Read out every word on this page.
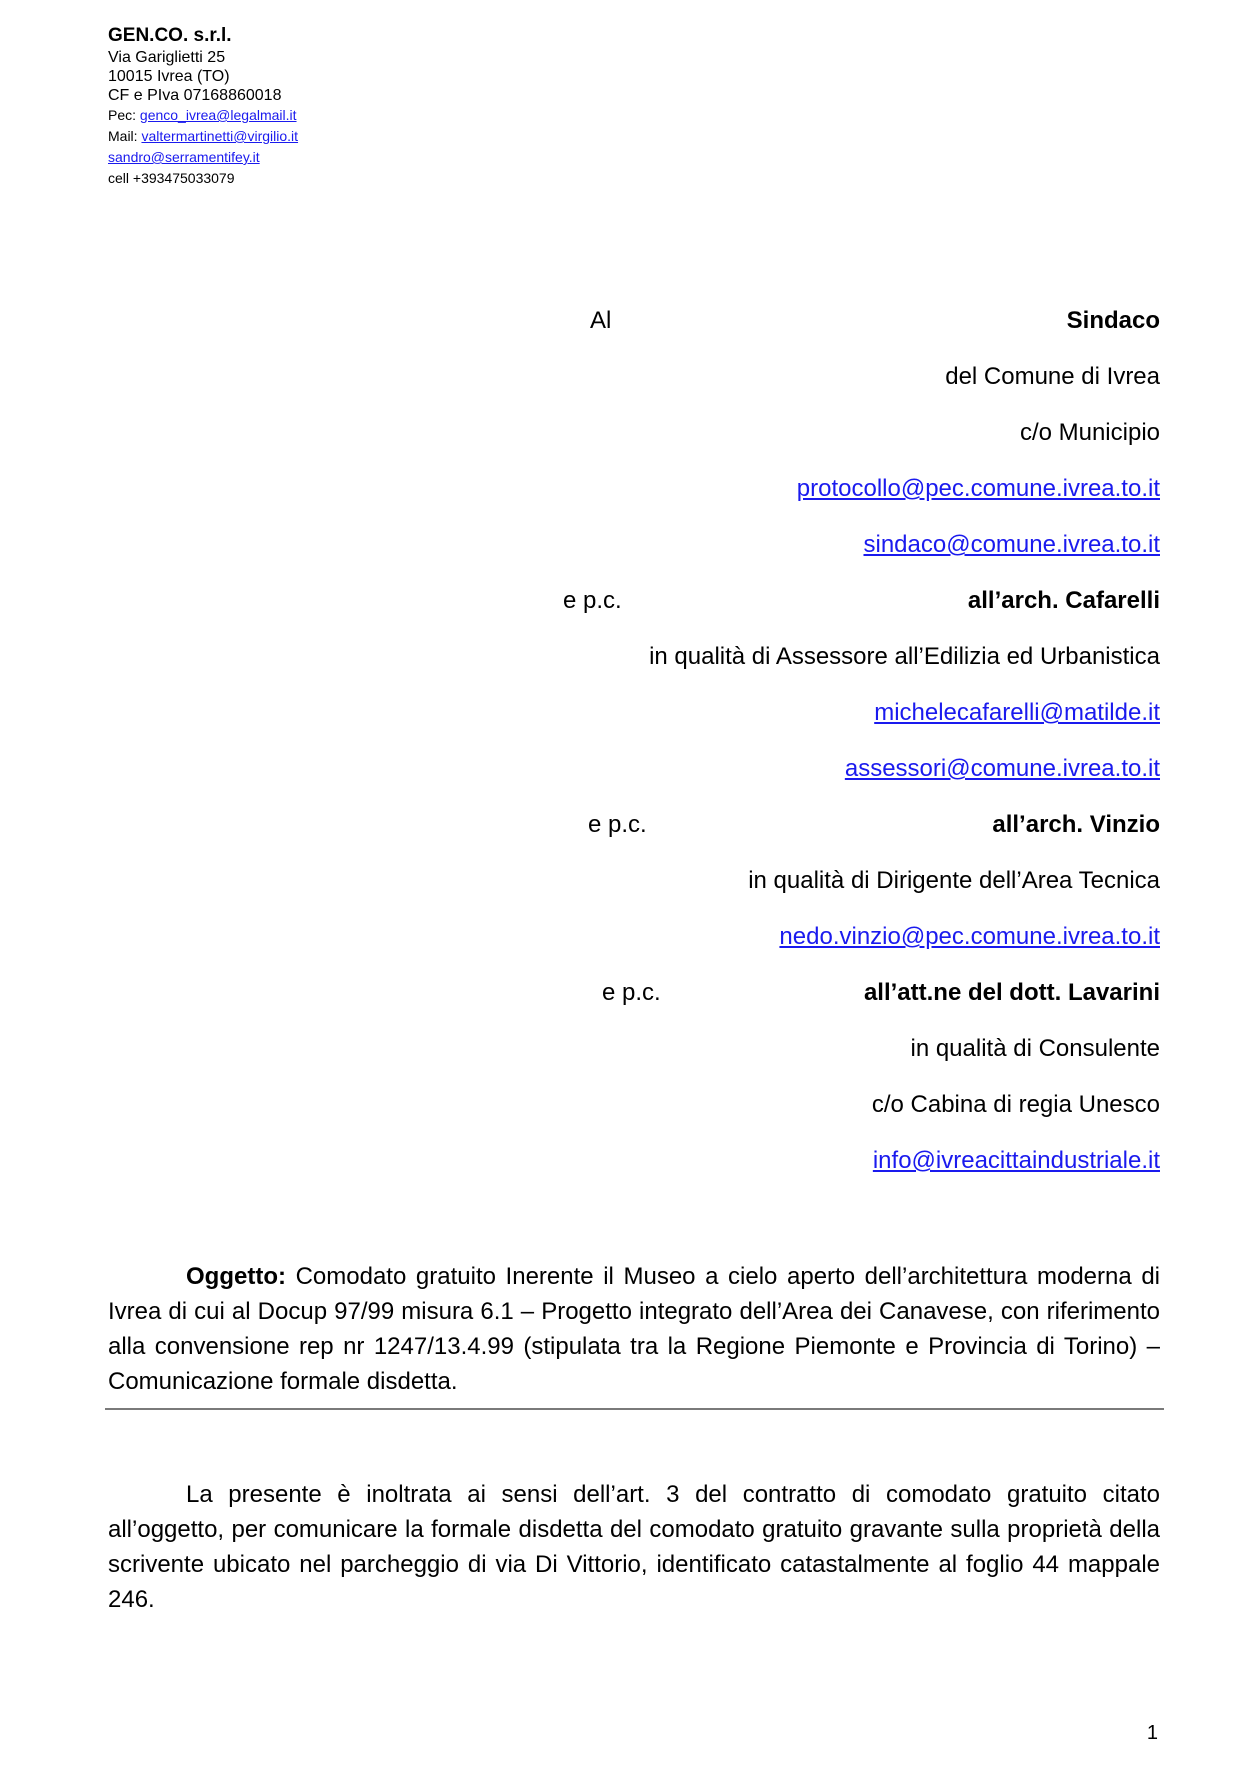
GEN.CO. s.r.l.
Via Gariglietti 25
10015 Ivrea (TO)
CF e PIva 07168860018
Pec: genco_ivrea@legalmail.it
Mail: valtermartinetti@virgilio.it
sandro@serramentifey.it
cell +393475033079
Al	Sindaco
del Comune di Ivrea
c/o Municipio
protocollo@pec.comune.ivrea.to.it
sindaco@comune.ivrea.to.it
e p.c.	all’arch. Cafarelli
in qualità di Assessore all’Edilizia ed Urbanistica
michelecafarelli@matilde.it
assessori@comune.ivrea.to.it
e p.c.	all’arch. Vinzio
in qualità di Dirigente dell’Area Tecnica
nedo.vinzio@pec.comune.ivrea.to.it
e p.c.	all’att.ne del dott. Lavarini
in qualità di Consulente
c/o Cabina di regia Unesco
info@ivreacittaindustriale.it
Oggetto: Comodato gratuito Inerente il Museo a cielo aperto dell’architettura moderna di Ivrea di cui al Docup 97/99 misura 6.1 – Progetto integrato dell’Area dei Canavese, con riferimento alla convensione rep nr 1247/13.4.99 (stipulata tra la Regione Piemonte e Provincia di Torino) – Comunicazione formale disdetta.
La presente è inoltrata ai sensi dell’art. 3 del contratto di comodato gratuito citato all’oggetto, per comunicare la formale disdetta del comodato gratuito gravante sulla proprietà della scrivente ubicato nel parcheggio di via Di Vittorio, identificato catastalmente al foglio 44 mappale 246.
1
